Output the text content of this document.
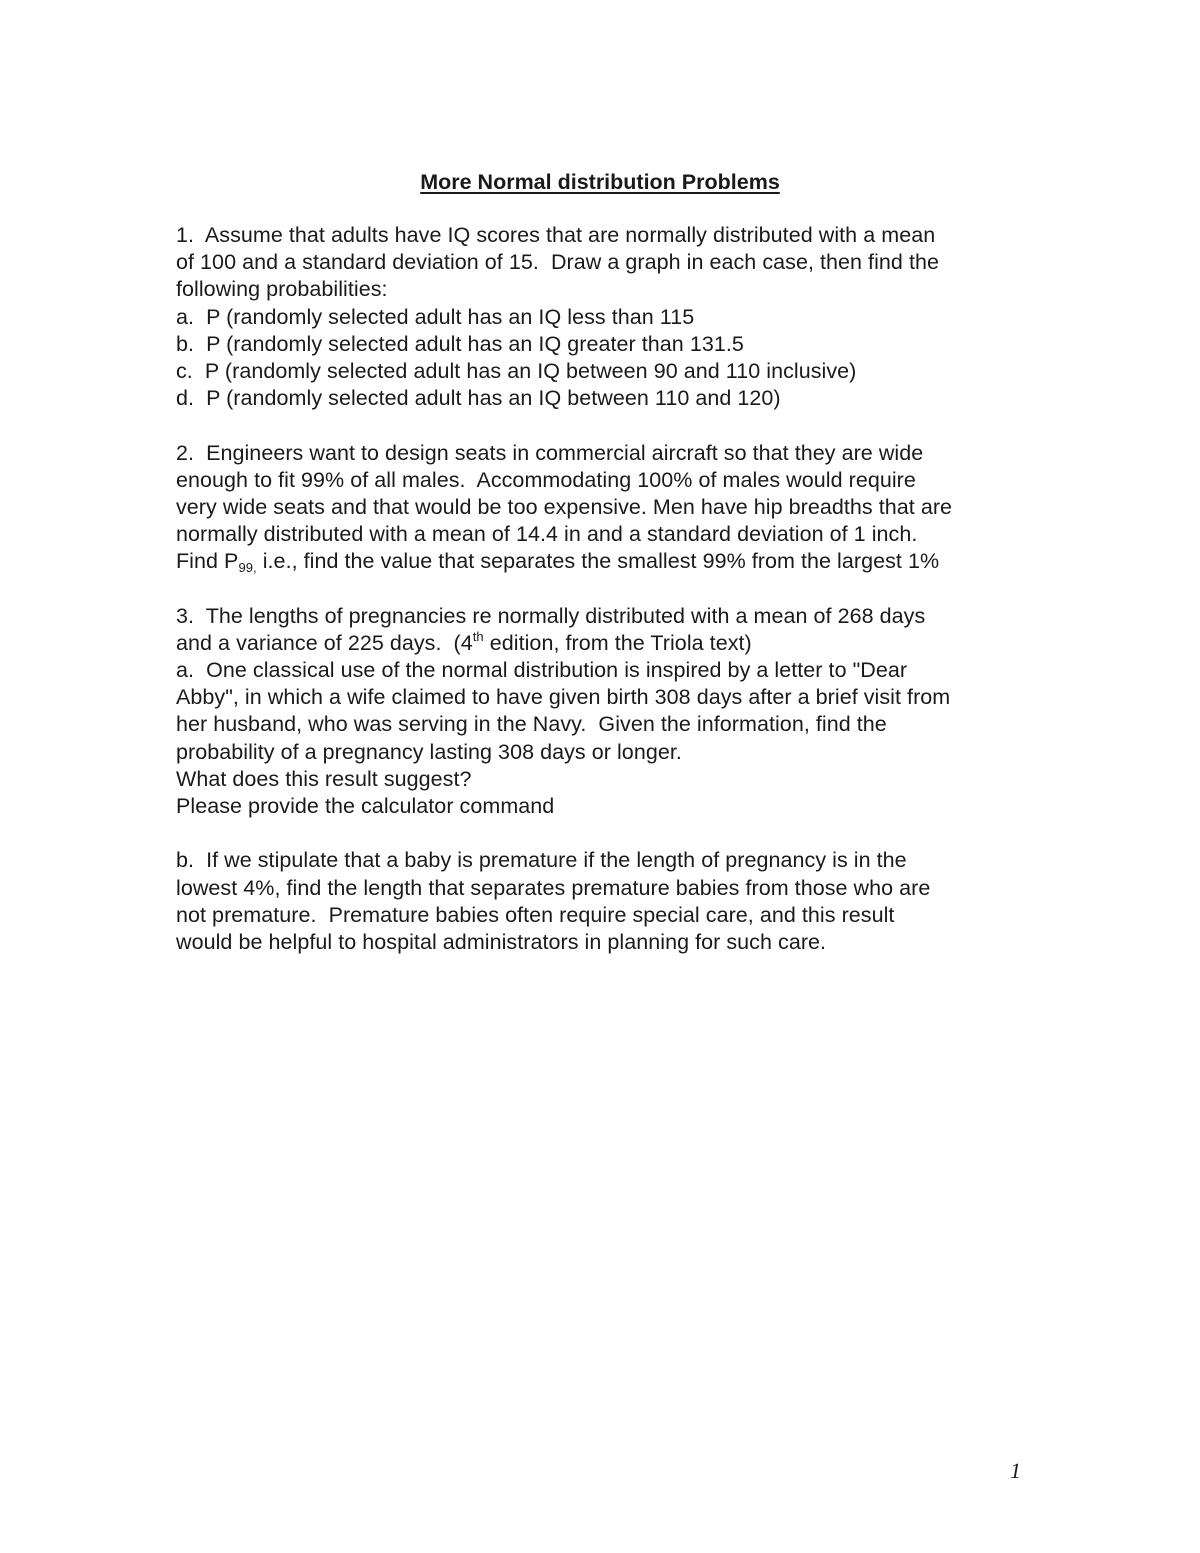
More Normal distribution Problems
1.  Assume that adults have IQ scores that are normally distributed with a mean
of 100 and a standard deviation of 15.  Draw a graph in each case, then find the
following probabilities:
a.  P (randomly selected adult has an IQ less than 115
b.  P (randomly selected adult has an IQ greater than 131.5
c.  P (randomly selected adult has an IQ between 90 and 110 inclusive)
d.  P (randomly selected adult has an IQ between 110 and 120)
2.  Engineers want to design seats in commercial aircraft so that they are wide
enough to fit 99% of all males.  Accommodating 100% of males would require
very wide seats and that would be too expensive. Men have hip breadths that are
normally distributed with a mean of 14.4 in and a standard deviation of 1 inch.
Find $P_{99,}$ i.e., find the value that separates the smallest 99% from the largest 1%
3.  The lengths of pregnancies re normally distributed with a mean of 268 days
and a variance of 225 days.  (4th edition, from the Triola text)
a.  One classical use of the normal distribution is inspired by a letter to "Dear
Abby", in which a wife claimed to have given birth 308 days after a brief visit from
her husband, who was serving in the Navy.  Given the information, find the
probability of a pregnancy lasting 308 days or longer.
What does this result suggest?
Please provide the calculator command
b.  If we stipulate that a baby is premature if the length of pregnancy is in the
lowest 4%, find the length that separates premature babies from those who are
not premature.  Premature babies often require special care, and this result
would be helpful to hospital administrators in planning for such care.
1
